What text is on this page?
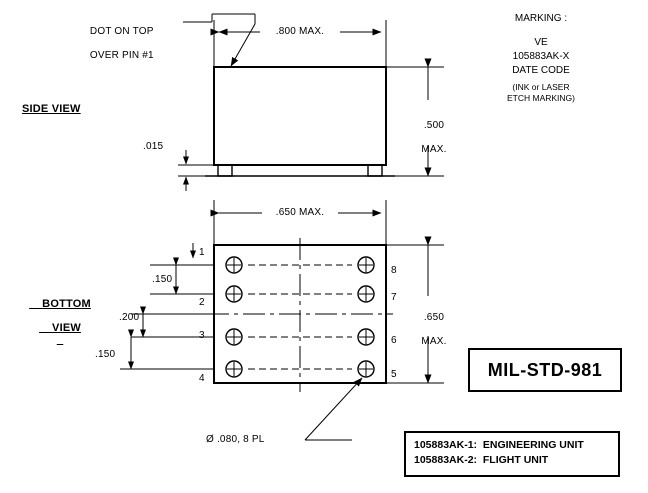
DOT ON TOP

OVER PIN #1

.800 MAX.
SIDE VIEW

.500

MAX.

.015
.650 MAX.

BOTTOM

VIEW

.650

MAX.

.150
.200
.150
1
2
3
4
8
7
6
5
Ø .080, 8 PL
MARKING :
VE
105883AK-X
DATE CODE
(INK or LASER
ETCH MARKING)
MIL-STD-981
105883AK-1:  ENGINEERING UNIT
105883AK-2:  FLIGHT UNIT
